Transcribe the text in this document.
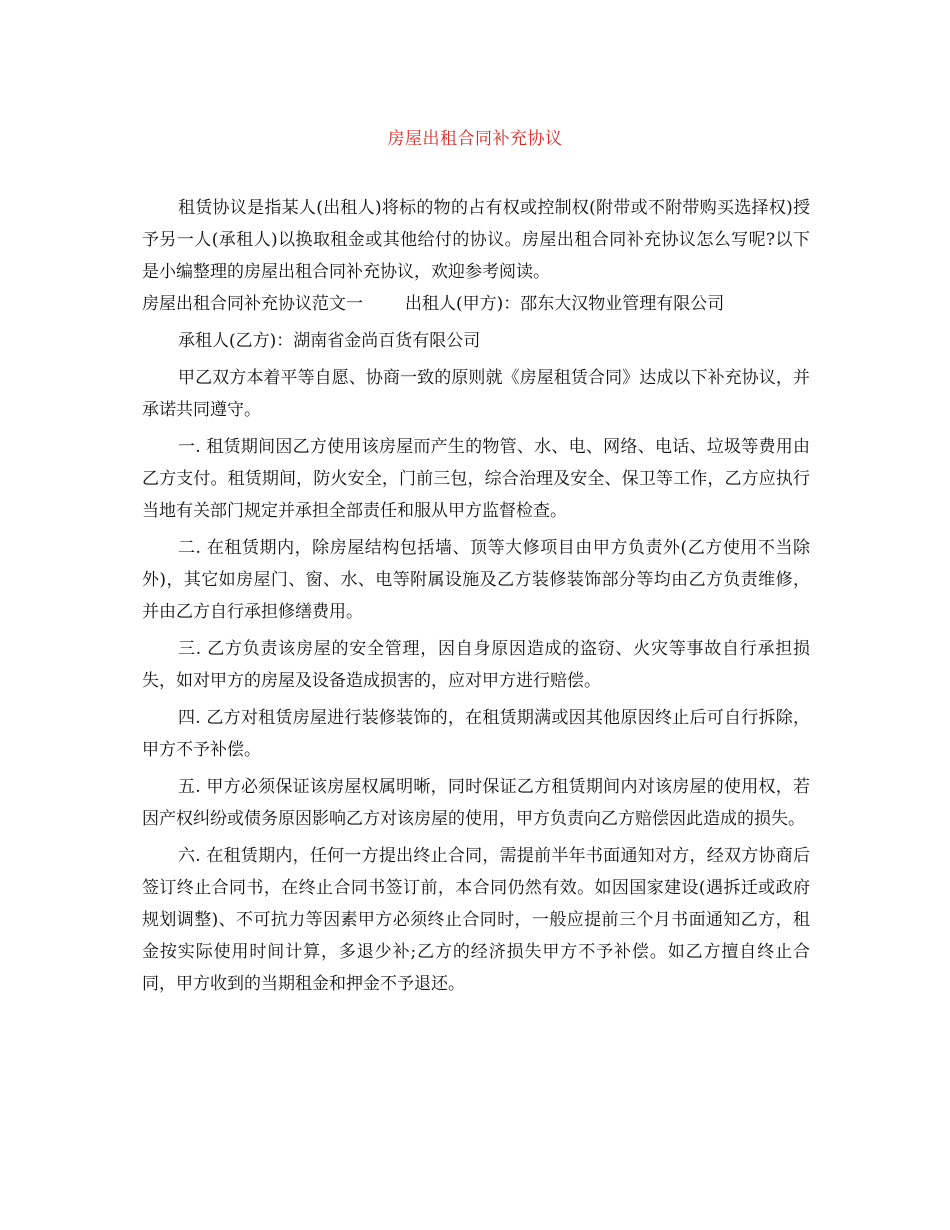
房屋出租合同补充协议

租赁协议是指某人(出租人)将标的物的占有权或控制权(附带或不附带购买选择权)授予另一人(承租人)以换取租金或其他给付的协议。房屋出租合同补充协议怎么写呢?以下是小编整理的房屋出租合同补充协议，欢迎参考阅读。

房屋出租合同补充协议范文一 出租人(甲方)：邵东大汉物业管理有限公司

承租人(乙方)：湖南省金尚百货有限公司

甲乙双方本着平等自愿、协商一致的原则就《房屋租赁合同》达成以下补充协议，并承诺共同遵守。

一. 租赁期间因乙方使用该房屋而产生的物管、水、电、网络、电话、垃圾等费用由乙方支付。租赁期间，防火安全，门前三包，综合治理及安全、保卫等工作，乙方应执行当地有关部门规定并承担全部责任和服从甲方监督检查。

二. 在租赁期内，除房屋结构包括墙、顶等大修项目由甲方负责外(乙方使用不当除外)，其它如房屋门、窗、水、电等附属设施及乙方装修装饰部分等均由乙方负责维修，并由乙方自行承担修缮费用。

三. 乙方负责该房屋的安全管理，因自身原因造成的盗窃、火灾等事故自行承担损失，如对甲方的房屋及设备造成损害的，应对甲方进行赔偿。

四. 乙方对租赁房屋进行装修装饰的，在租赁期满或因其他原因终止后可自行拆除，甲方不予补偿。

五. 甲方必须保证该房屋权属明晰，同时保证乙方租赁期间内对该房屋的使用权，若因产权纠纷或债务原因影响乙方对该房屋的使用，甲方负责向乙方赔偿因此造成的损失。

六. 在租赁期内，任何一方提出终止合同，需提前半年书面通知对方，经双方协商后签订终止合同书，在终止合同书签订前，本合同仍然有效。如因国家建设(遇拆迁或政府规划调整)、不可抗力等因素甲方必须终止合同时，一般应提前三个月书面通知乙方，租金按实际使用时间计算，多退少补;乙方的经济损失甲方不予补偿。如乙方擅自终止合同，甲方收到的当期租金和押金不予退还。
